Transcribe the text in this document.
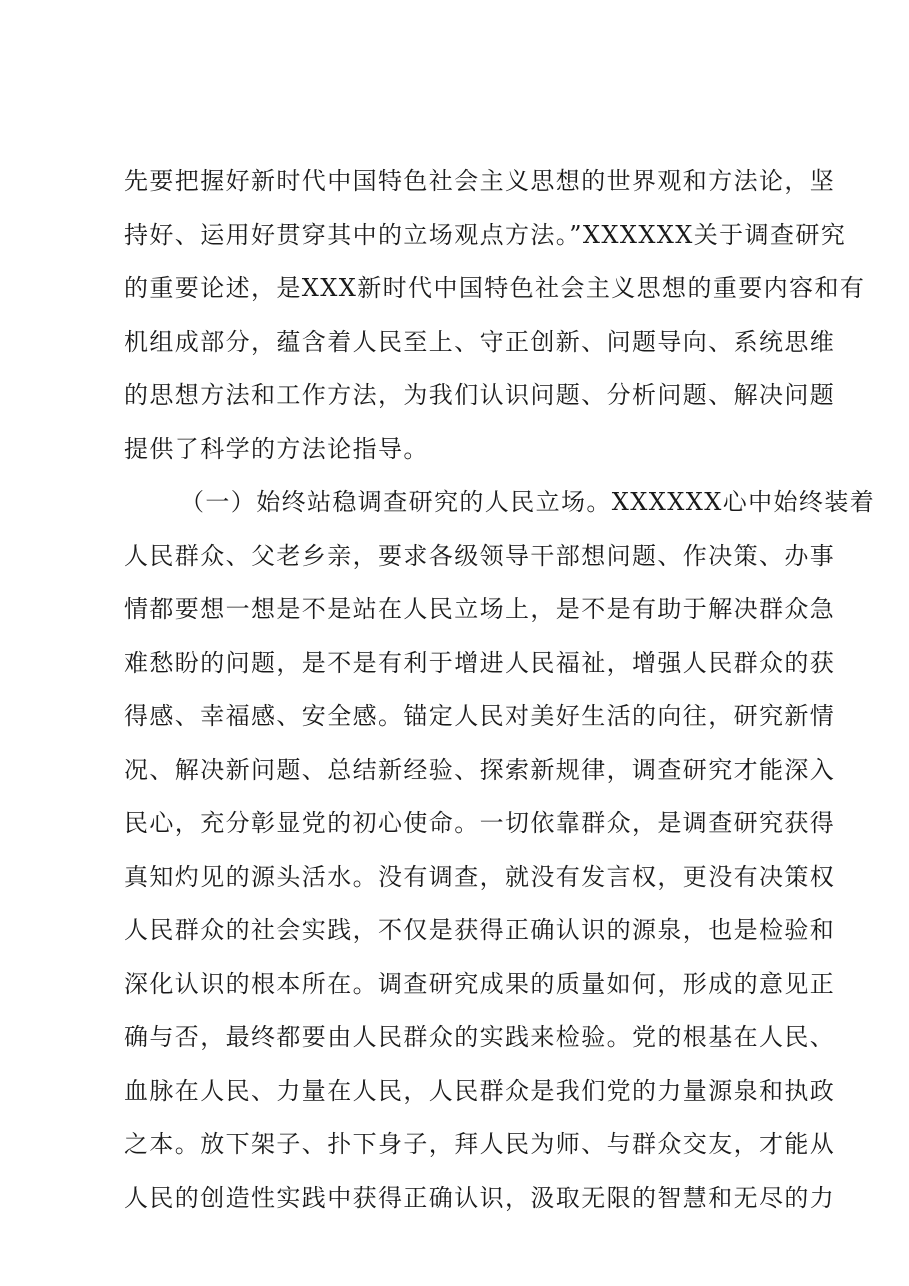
先要把握好新时代中国特色社会主义思想的世界观和方法论，坚
持好、运用好贯穿其中的立场观点方法。”XXXXXX关于调查研究
的重要论述，是XXX新时代中国特色社会主义思想的重要内容和有
机组成部分，蕴含着人民至上、守正创新、问题导向、系统思维
的思想方法和工作方法，为我们认识问题、分析问题、解决问题
提供了科学的方法论指导。
（一）始终站稳调查研究的人民立场。XXXXXX心中始终装着
人民群众、父老乡亲，要求各级领导干部想问题、作决策、办事
情都要想一想是不是站在人民立场上，是不是有助于解决群众急
难愁盼的问题，是不是有利于增进人民福祉，增强人民群众的获
得感、幸福感、安全感。锚定人民对美好生活的向往，研究新情
况、解决新问题、总结新经验、探索新规律，调查研究才能深入
民心，充分彰显党的初心使命。一切依靠群众，是调查研究获得
真知灼见的源头活水。没有调查，就没有发言权，更没有决策权
人民群众的社会实践，不仅是获得正确认识的源泉，也是检验和
深化认识的根本所在。调查研究成果的质量如何，形成的意见正
确与否，最终都要由人民群众的实践来检验。党的根基在人民、
血脉在人民、力量在人民，人民群众是我们党的力量源泉和执政
之本。放下架子、扑下身子，拜人民为师、与群众交友，才能从
人民的创造性实践中获得正确认识，汲取无限的智慧和无尽的力
